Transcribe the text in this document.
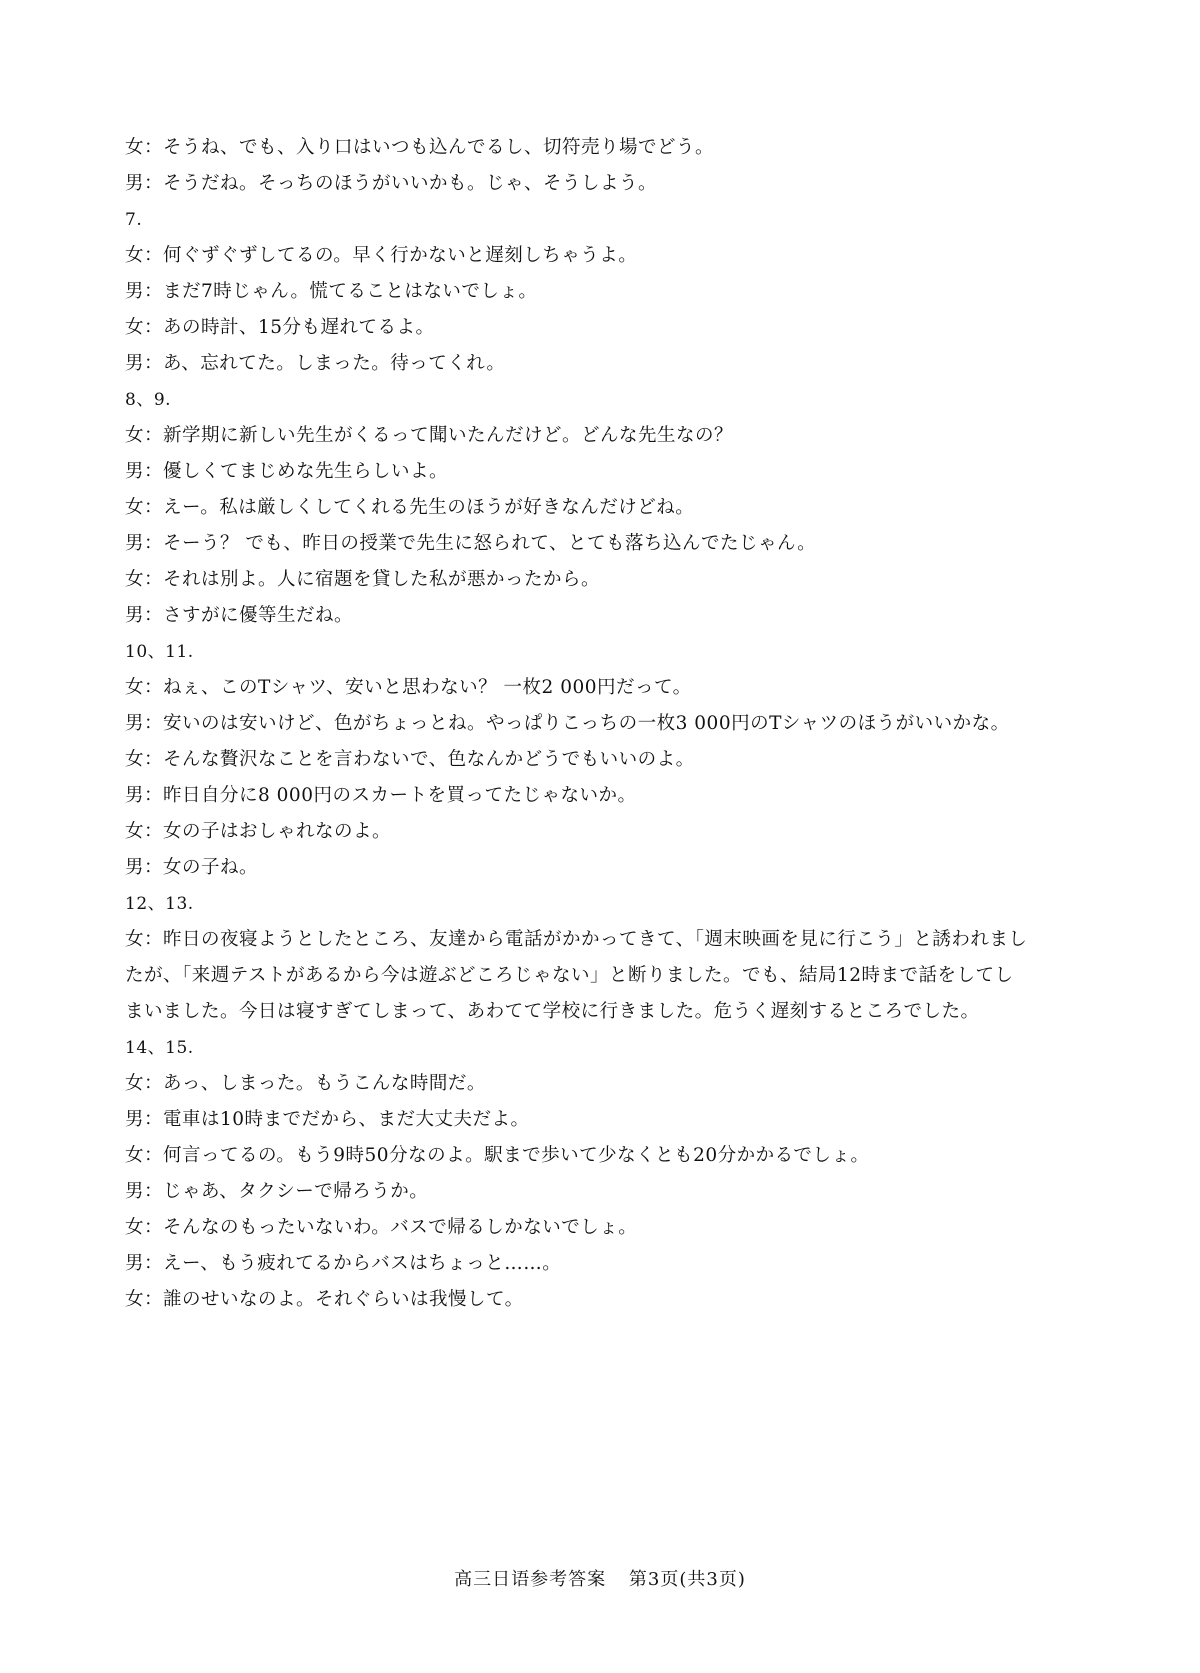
女：そうね、でも、入り口はいつも込んでるし、切符売り場でどう。
男：そうだね。そっちのほうがいいかも。じゃ、そうしよう。
7.
女：何ぐずぐずしてるの。早く行かないと遅刻しちゃうよ。
男：まだ7時じゃん。慌てることはないでしょ。
女：あの時計、15分も遅れてるよ。
男：あ、忘れてた。しまった。待ってくれ。
8、9.
女：新学期に新しい先生がくるって聞いたんだけど。どんな先生なの？
男：優しくてまじめな先生らしいよ。
女：えー。私は厳しくしてくれる先生のほうが好きなんだけどね。
男：そーう？ でも、昨日の授業で先生に怒られて、とても落ち込んでたじゃん。
女：それは別よ。人に宿題を貸した私が悪かったから。
男：さすがに優等生だね。
10、11.
女：ねぇ、このTシャツ、安いと思わない？ 一枚2 000円だって。
男：安いのは安いけど、色がちょっとね。やっぱりこっちの一枚3 000円のTシャツのほうがいいかな。
女：そんな贅沢なことを言わないで、色なんかどうでもいいのよ。
男：昨日自分に8 000円のスカートを買ってたじゃないか。
女：女の子はおしゃれなのよ。
男：女の子ね。
12、13.
女：昨日の夜寝ようとしたところ、友達から電話がかかってきて、「週末映画を見に行こう」と誘われまし
たが、「来週テストがあるから今は遊ぶどころじゃない」と断りました。でも、結局12時まで話をしてし
まいました。今日は寝すぎてしまって、あわてて学校に行きました。危うく遅刻するところでした。
14、15.
女：あっ、しまった。もうこんな時間だ。
男：電車は10時までだから、まだ大丈夫だよ。
女：何言ってるの。もう9時50分なのよ。駅まで歩いて少なくとも20分かかるでしょ。
男：じゃあ、タクシーで帰ろうか。
女：そんなのもったいないわ。バスで帰るしかないでしょ。
男：えー、もう疲れてるからバスはちょっと……。
女：誰のせいなのよ。それぐらいは我慢して。
高三日语参考答案 第3页(共3页)
